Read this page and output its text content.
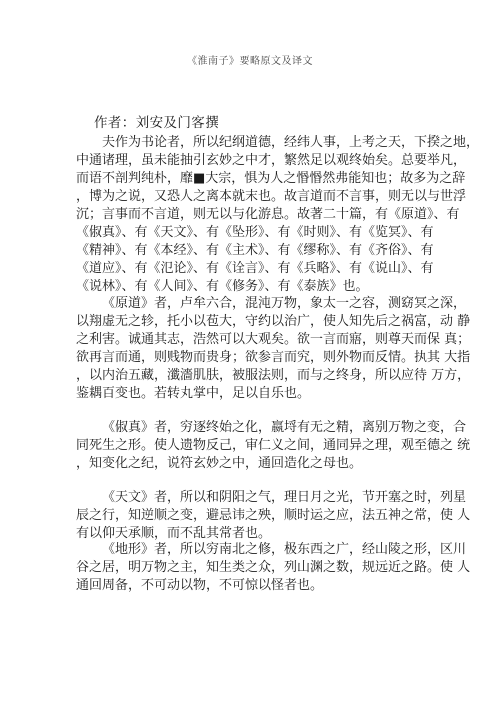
《淮南子》要略原文及译文
作者：刘安及门客撰
夫作为书论者，所以纪纲道德，经纬人事，上考之天，下揆之地，
中通诸理，虽未能抽引玄妙之中才，繁然足以观终始矣。总要举凡，
而语不剖判纯朴，靡■大宗，惧为人之惽惽然弗能知也；故多为之辞
，博为之说，又恐人之离本就末也。故言道而不言事，则无以与世浮
沉；言事而不言道，则无以与化游息。故著二十篇，有《原道》、有
《俶真》、有《天文》、有《坠形》、有《时则》、有《览冥》、有
《精神》、有《本经》、有《主术》、有《缪称》、有《齐俗》、有
《道应》、有《氾论》、有《诠言》、有《兵略》、有《说山》、有
《说林》、有《人间》、有《修务》、有《泰族》也。
《原道》者，卢牟六合，混沌万物，象太一之容，测窈冥之深，
以翔虚无之轸，托小以苞大，守约以治广，使人知先后之祸富，动 静
之利害。诚通其志，浩然可以大观矣。欲一言而寤，则尊天而保 真；
欲再言而通，则贱物而贵身；欲参言而究，则外物而反情。执其 大指
，以内治五藏，瀸濇肌肤，被服法则，而与之终身，所以应待 万方，
鉴耦百变也。若转丸掌中，足以自乐也。
《俶真》者，穷逐终始之化，嬴埒有无之精，离别万物之变，合
同死生之形。使人遗物反己，审仁义之间，通同异之理，观至德之 统
，知变化之纪，说符玄妙之中，通回造化之母也。
《天文》者，所以和阴阳之气，理日月之光，节开塞之时，列星
辰之行，知逆顺之变，避忌讳之殃，顺时运之应，法五神之常，使 人
有以仰天承顺，而不乱其常者也。
《地形》者，所以穷南北之修，极东西之广，经山陵之形，区川
谷之居，明万物之主，知生类之众，列山渊之数，规远近之路。使 人
通回周备，不可动以物，不可惊以怪者也。
